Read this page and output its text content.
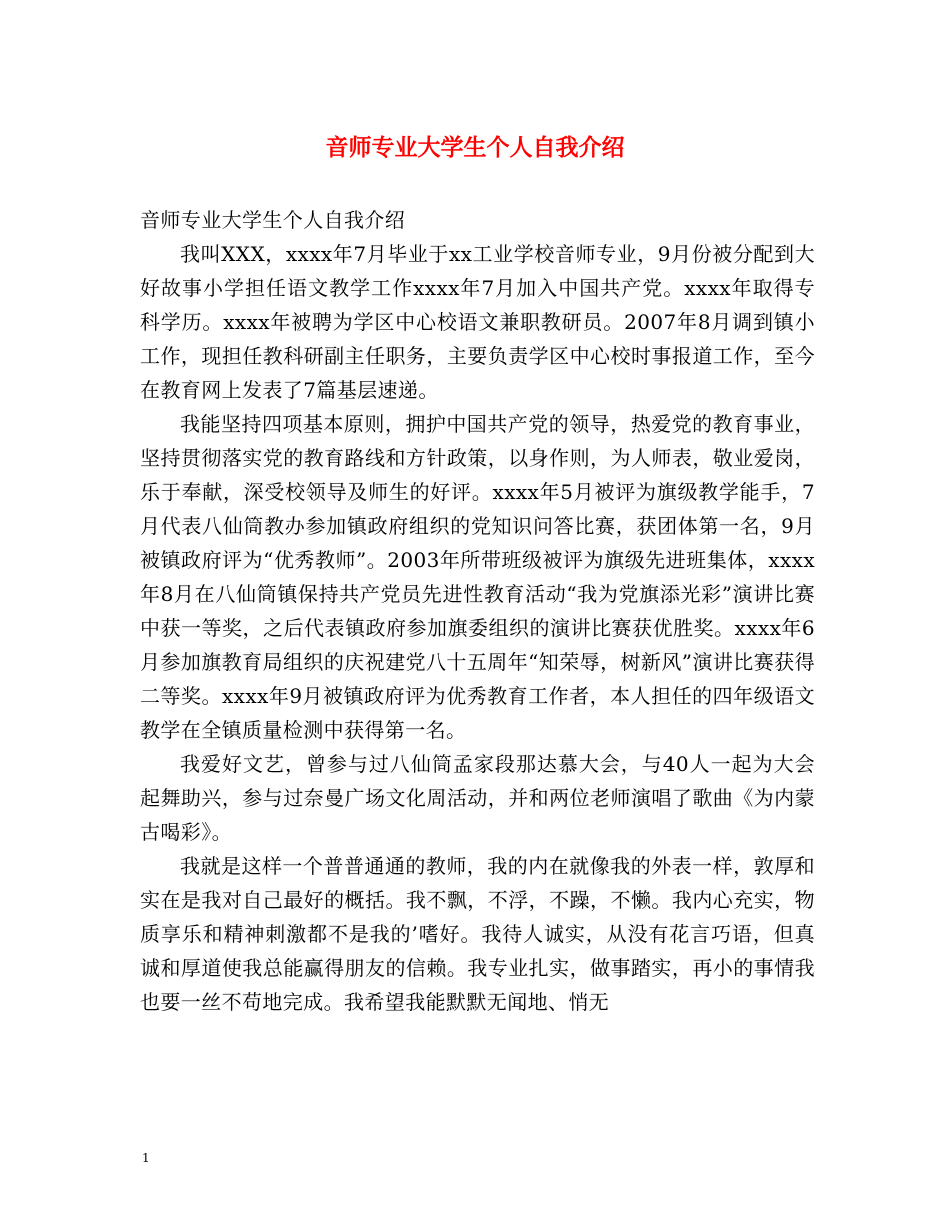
音师专业大学生个人自我介绍

音师专业大学生个人自我介绍

我叫XXX，xxxx年7月毕业于xx工业学校音师专业，9月份被分配到大好故事小学担任语文教学工作xxxx年7月加入中国共产党。xxxx年取得专科学历。xxxx年被聘为学区中心校语文兼职教研员。2007年8月调到镇小工作，现担任教科研副主任职务，主要负责学区中心校时事报道工作，至今在教育网上发表了7篇基层速递。

我能坚持四项基本原则，拥护中国共产党的领导，热爱党的教育事业，坚持贯彻落实党的教育路线和方针政策，以身作则，为人师表，敬业爱岗，乐于奉献，深受校领导及师生的好评。xxxx年5月被评为旗级教学能手，7月代表八仙筒教办参加镇政府组织的党知识问答比赛，获团体第一名，9月被镇政府评为“优秀教师”。2003年所带班级被评为旗级先进班集体，xxxx年8月在八仙筒镇保持共产党员先进性教育活动“我为党旗添光彩”演讲比赛中获一等奖，之后代表镇政府参加旗委组织的演讲比赛获优胜奖。xxxx年6月参加旗教育局组织的庆祝建党八十五周年“知荣辱，树新风”演讲比赛获得二等奖。xxxx年9月被镇政府评为优秀教育工作者，本人担任的四年级语文教学在全镇质量检测中获得第一名。

我爱好文艺，曾参与过八仙筒孟家段那达慕大会，与40人一起为大会起舞助兴，参与过奈曼广场文化周活动，并和两位老师演唱了歌曲《为内蒙古喝彩》。

我就是这样一个普普通通的教师，我的内在就像我的外表一样，敦厚和实在是我对自己最好的概括。我不飘，不浮，不躁，不懒。我内心充实，物质享乐和精神刺激都不是我的’嗜好。我待人诚实，从没有花言巧语，但真诚和厚道使我总能赢得朋友的信赖。我专业扎实，做事踏实，再小的事情我也要一丝不苟地完成。我希望我能默默无闻地、悄无

1
